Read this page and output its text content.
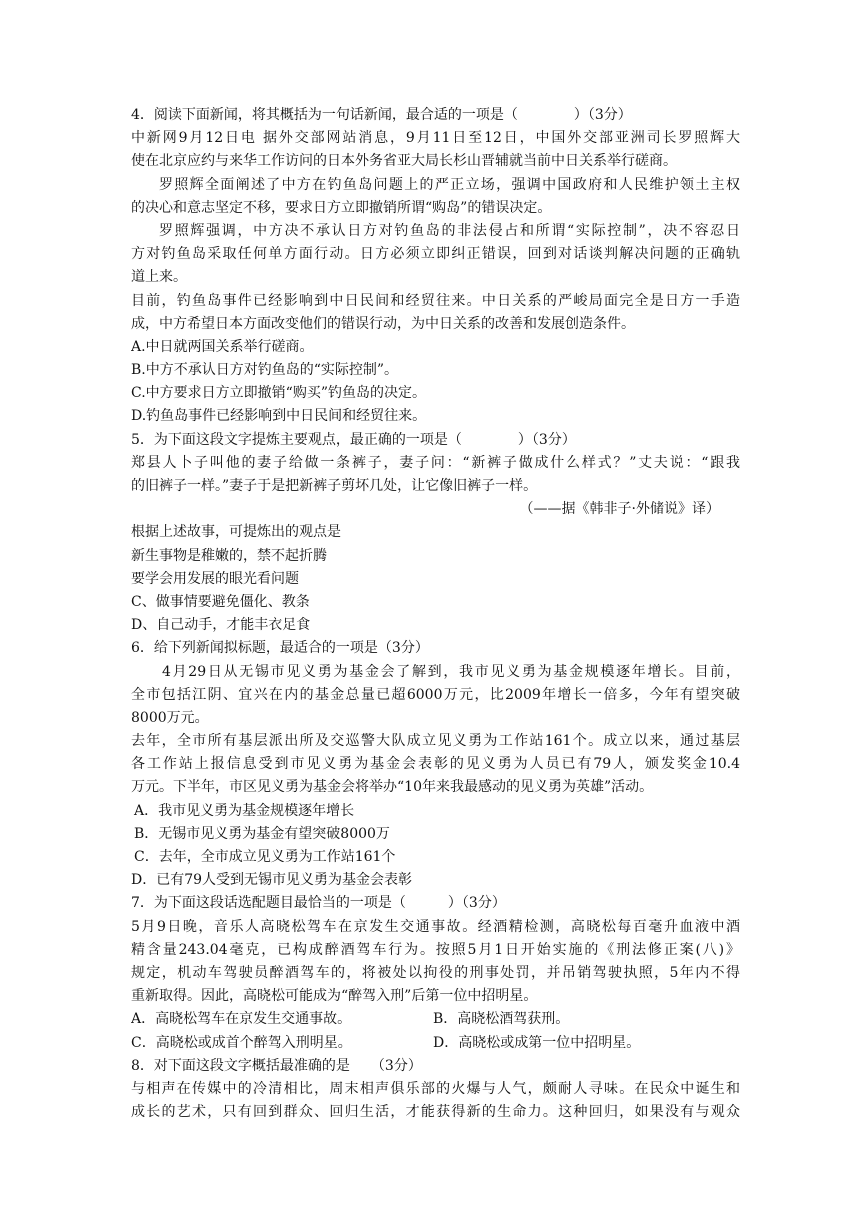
4．阅读下面新闻，将其概括为一句话新闻，最合适的一项是（　　　　）（3分）
中新网9月12日电 据外交部网站消息，9月11日至12日，中国外交部亚洲司长罗照辉大
使在北京应约与来华工作访问的日本外务省亚大局长杉山晋辅就当前中日关系举行磋商。
罗照辉全面阐述了中方在钓鱼岛问题上的严正立场，强调中国政府和人民维护领土主权
的决心和意志坚定不移，要求日方立即撤销所谓“购岛”的错误决定。
罗照辉强调，中方决不承认日方对钓鱼岛的非法侵占和所谓“实际控制”，决不容忍日
方对钓鱼岛采取任何单方面行动。日方必须立即纠正错误，回到对话谈判解决问题的正确轨
道上来。
目前，钓鱼岛事件已经影响到中日民间和经贸往来。中日关系的严峻局面完全是日方一手造
成，中方希望日本方面改变他们的错误行动，为中日关系的改善和发展创造条件。
A.中日就两国关系举行磋商。
B.中方不承认日方对钓鱼岛的“实际控制”。
C.中方要求日方立即撤销“购买”钓鱼岛的决定。
D.钓鱼岛事件已经影响到中日民间和经贸往来。
5．为下面这段文字提炼主要观点，最正确的一项是（　　　　）（3分）
郑县人卜子叫他的妻子给做一条裤子，妻子问：“新裤子做成什么样式？”丈夫说：“跟我
的旧裤子一样。”妻子于是把新裤子剪坏几处，让它像旧裤子一样。
（——据《韩非子·外储说》译）
根据上述故事，可提炼出的观点是
新生事物是稚嫩的，禁不起折腾
要学会用发展的眼光看问题
C、做事情要避免僵化、教条
D、自己动手，才能丰衣足食
6．给下列新闻拟标题，最适合的一项是（3分）
4月29日从无锡市见义勇为基金会了解到，我市见义勇为基金规模逐年增长。目前，
全市包括江阴、宜兴在内的基金总量已超6000万元，比2009年增长一倍多，今年有望突破
8000万元。
去年，全市所有基层派出所及交巡警大队成立见义勇为工作站161个。成立以来，通过基层
各工作站上报信息受到市见义勇为基金会表彰的见义勇为人员已有79人，颁发奖金10.4
万元。下半年，市区见义勇为基金会将举办“10年来我最感动的见义勇为英雄”活动。
A．我市见义勇为基金规模逐年增长
B．无锡市见义勇为基金有望突破8000万
C．去年，全市成立见义勇为工作站161个
D．已有79人受到无锡市见义勇为基金会表彰
7．为下面这段话选配题目最恰当的一项是（　　　）（3分）
5月9日晚，音乐人高晓松驾车在京发生交通事故。经酒精检测，高晓松每百毫升血液中酒
精含量243.04毫克，已构成醉酒驾车行为。按照5月1日开始实施的《刑法修正案(八)》
规定，机动车驾驶员醉酒驾车的，将被处以拘役的刑事处罚，并吊销驾驶执照，5年内不得
重新取得。因此，高晓松可能成为“醉驾入刑”后第一位中招明星。
A．高晓松驾车在京发生交通事故。	B．高晓松酒驾获刑。
C．高晓松或成首个醉驾入刑明星。	D．高晓松或成第一位中招明星。
8．对下面这段文字概括最准确的是　　（3分）
与相声在传媒中的冷清相比，周末相声俱乐部的火爆与人气，颇耐人寻味。在民众中诞生和
成长的艺术，只有回到群众、回归生活，才能获得新的生命力。这种回归，如果没有与观众
